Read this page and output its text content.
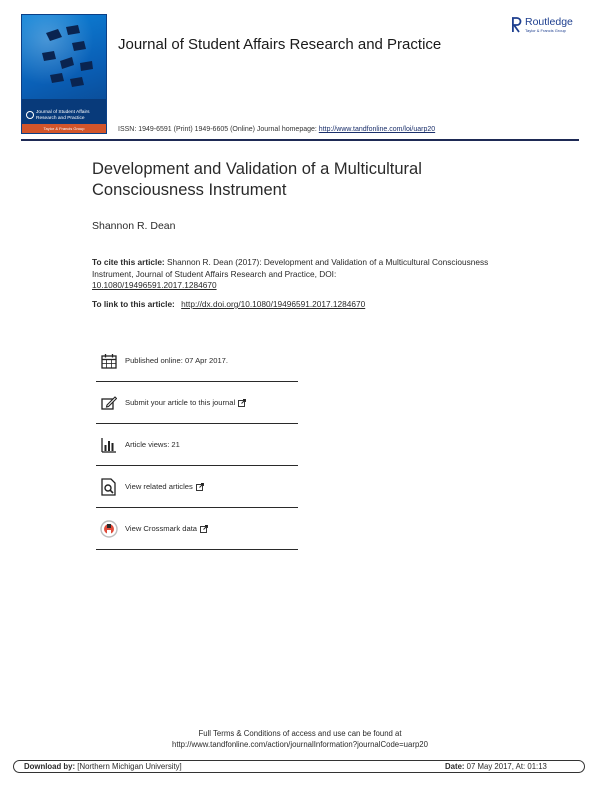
Journal of Student Affairs Research and Practice
Taylor & Francis Group
Journal of Student Affairs Research and Practice
Routledge
Taylor & Francis Group
ISSN: 1949-6591 (Print) 1949-6605 (Online) Journal homepage: http://www.tandfonline.com/loi/uarp20
Development and Validation of a Multicultural Consciousness Instrument
Shannon R. Dean
To cite this article: Shannon R. Dean (2017): Development and Validation of a Multicultural Consciousness Instrument, Journal of Student Affairs Research and Practice, DOI:
10.1080/19496591.2017.1284670
To link to this article: http://dx.doi.org/10.1080/19496591.2017.1284670
Published online: 07 Apr 2017.
Submit your article to this journal
Article views: 21
View related articles
View Crossmark data
Full Terms & Conditions of access and use can be found at
http://www.tandfonline.com/action/journalInformation?journalCode=uarp20
Download by: [Northern Michigan University]	Date: 07 May 2017, At: 01:13
